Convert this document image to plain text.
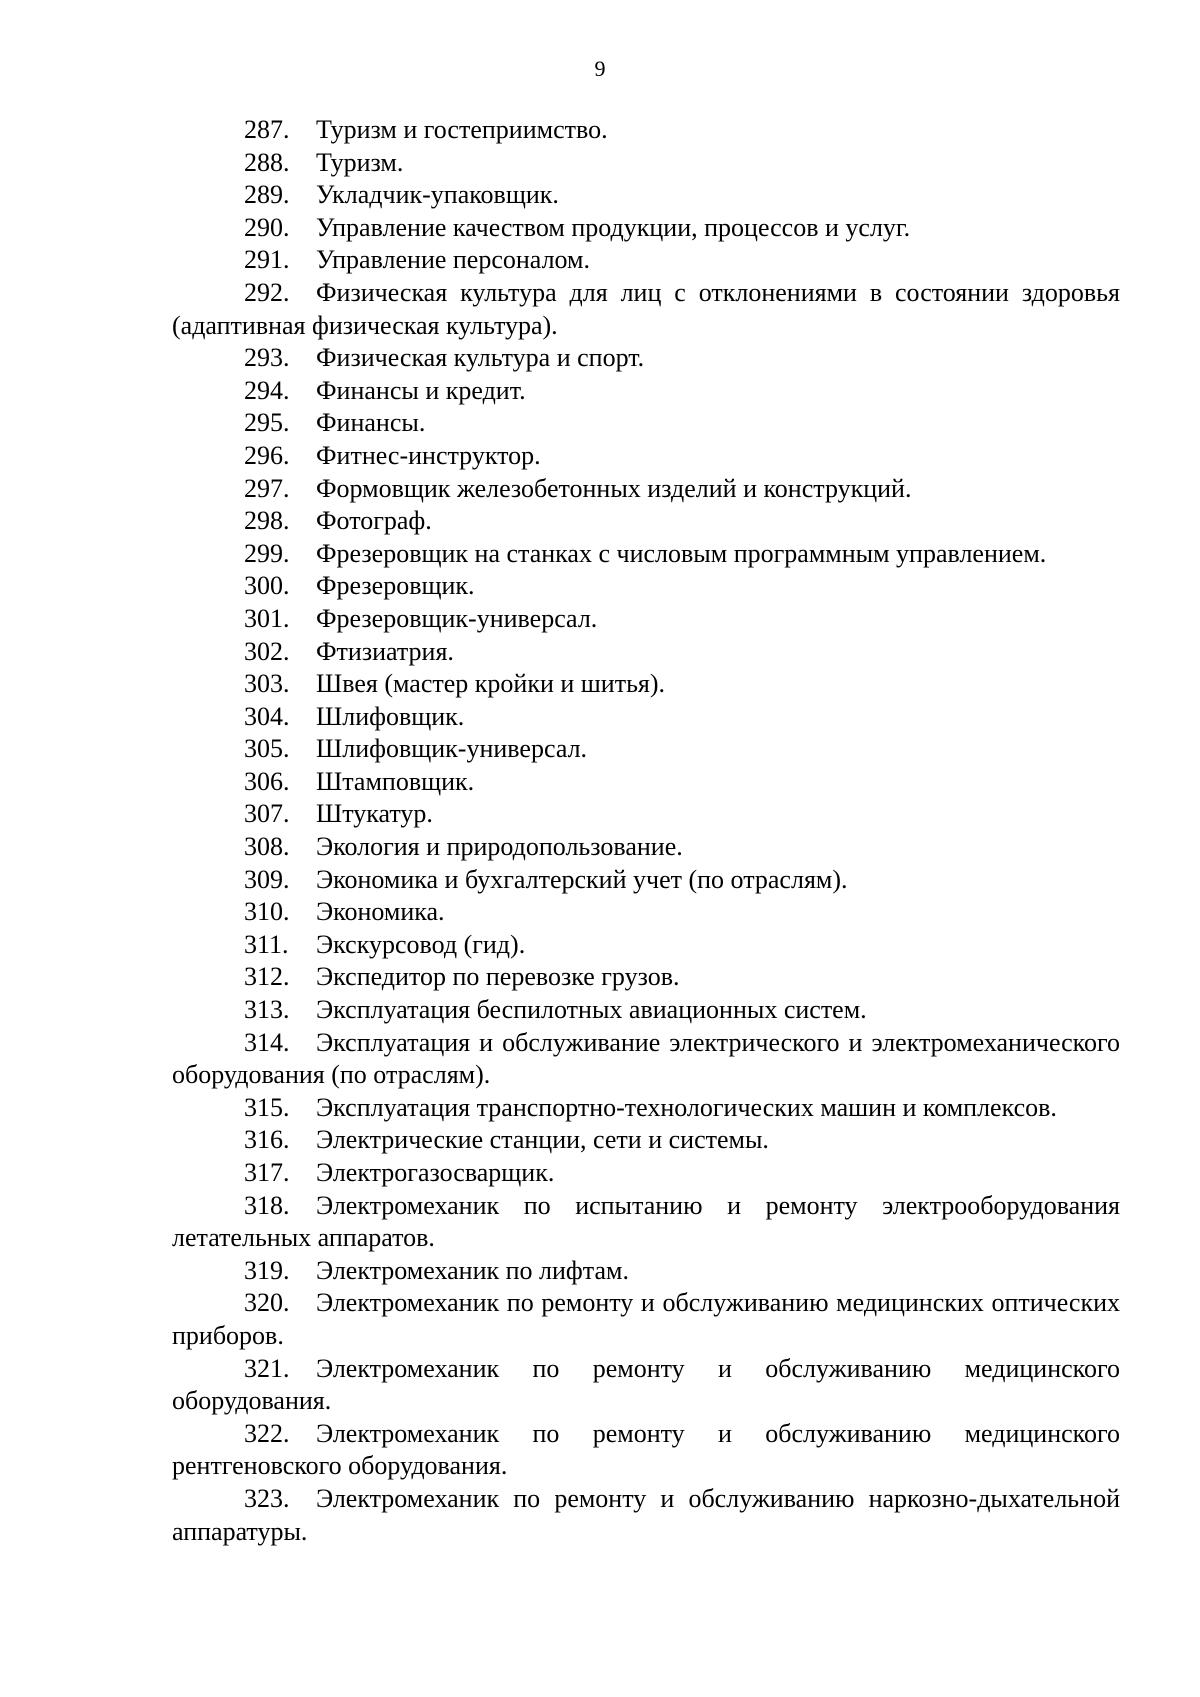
9

287. Туризм и гостеприимство.

288. Туризм.

289. Укладчик-упаковщик.

290. Управление качеством продукции, процессов и услуг.

291. Управление персоналом.

292. Физическая культура для лиц с отклонениями в состоянии здоровья (адаптивная физическая культура).

293. Физическая культура и спорт.

294. Финансы и кредит.

295. Финансы.

296. Фитнес-инструктор.

297. Формовщик железобетонных изделий и конструкций.

298. Фотограф.

299. Фрезеровщик на станках с числовым программным управлением.

300. Фрезеровщик.

301. Фрезеровщик-универсал.

302. Фтизиатрия.

303. Швея (мастер кройки и шитья).

304. Шлифовщик.

305. Шлифовщик-универсал.

306. Штамповщик.

307. Штукатур.

308. Экология и природопользование.

309. Экономика и бухгалтерский учет (по отраслям).

310. Экономика.

311. Экскурсовод (гид).

312. Экспедитор по перевозке грузов.

313. Эксплуатация беспилотных авиационных систем.

314. Эксплуатация и обслуживание электрического и электромеханического оборудования (по отраслям).

315. Эксплуатация транспортно-технологических машин и комплексов.

316. Электрические станции, сети и системы.

317. Электрогазосварщик.

318. Электромеханик по испытанию и ремонту электрооборудования летательных аппаратов.

319. Электромеханик по лифтам.

320. Электромеханик по ремонту и обслуживанию медицинских оптических приборов.

321. Электромеханик по ремонту и обслуживанию медицинского оборудования.

322. Электромеханик по ремонту и обслуживанию медицинского рентгеновского оборудования.

323. Электромеханик по ремонту и обслуживанию наркозно-дыхательной аппаратуры.
